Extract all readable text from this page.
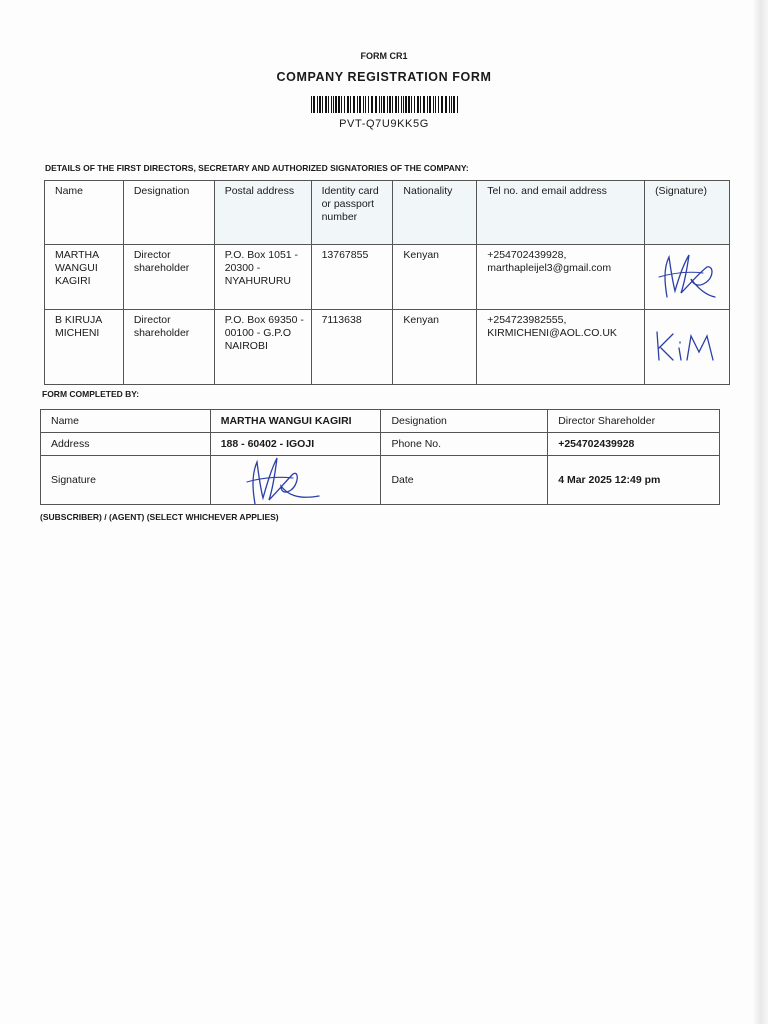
FORM CR1
COMPANY REGISTRATION FORM
PVT-Q7U9KK5G
DETAILS OF THE FIRST DIRECTORS, SECRETARY AND AUTHORIZED SIGNATORIES OF THE COMPANY:
Name	Designation	Postal address	Identity card or passport number	Nationality	Tel no. and email address	(Signature)
MARTHA WANGUI KAGIRI	Director shareholder	P.O. Box 1051 - 20300 - NYAHURURU	13767855	Kenyan	+254702439928, marthapleijel3@gmail.com	

B KIRUJA MICHENI	Director shareholder	P.O. Box 69350 - 00100 - G.P.O NAIROBI	7113638	Kenyan	+254723982555, KIRMICHENI@AOL.CO.UK	
FORM COMPLETED BY:
Name	MARTHA WANGUI KAGIRI	Designation	Director Shareholder
Address	188 - 60402 - IGOJI	Phone No.	+254702439928
Signature		Date	4 Mar 2025 12:49 pm
(SUBSCRIBER) / (AGENT) (SELECT WHICHEVER APPLIES)
